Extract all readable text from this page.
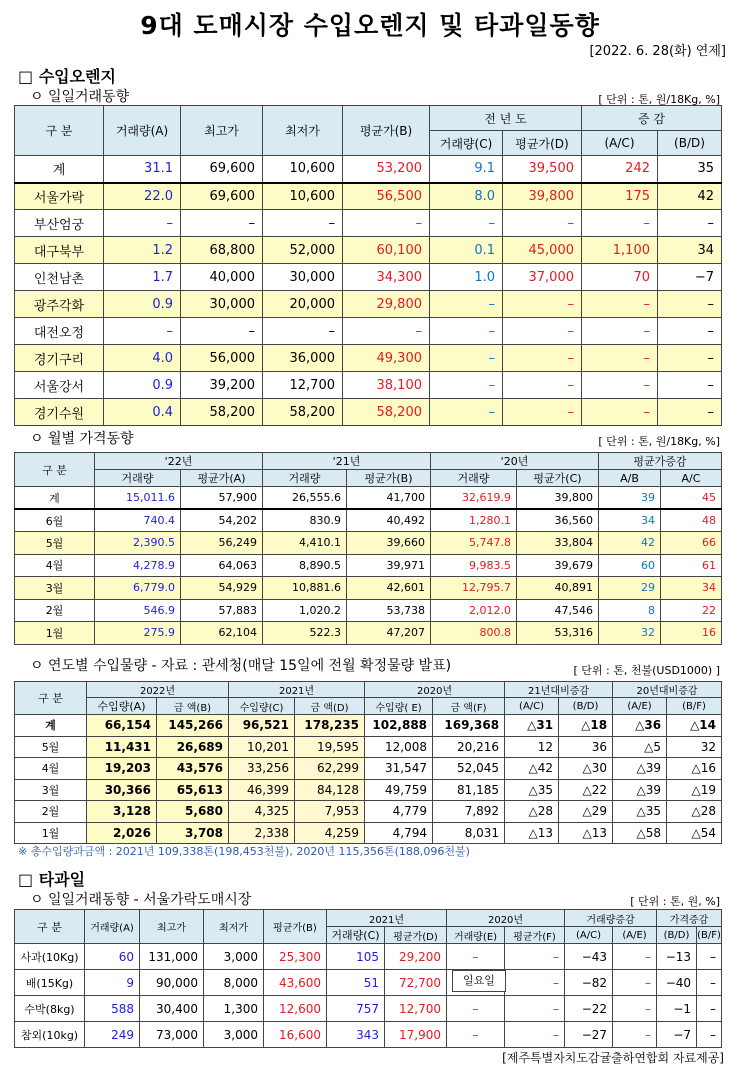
9대 도매시장 수입오렌지 및 타과일동향
[2022. 6. 28(화) 연제]
□ 수입오렌지
ㅇ 일일거래동향	[ 단위 : 톤, 원/18Kg, %]
구 분	거래량(A)	최고가	최저가	평균가(B)	전 년 도		증 감	
					거래량(C)	평균가(D)	(A/C)	(B/D)
계	31.1	69,600	10,600	53,200	9.1	39,500	242	35
서울가락	22.0	69,600	10,600	56,500	8.0	39,800	175	42
부산엄궁	–	–	–	–	–	–	–	–
대구북부	1.2	68,800	52,000	60,100	0.1	45,000	1,100	34
인천남촌	1.7	40,000	30,000	34,300	1.0	37,000	70	−7
광주각화	0.9	30,000	20,000	29,800	–	–	–	–
대전오정	–	–	–	–	–	–	–	–
경기구리	4.0	56,000	36,000	49,300	–	–	–	–
서울강서	0.9	39,200	12,700	38,100	–	–	–	–
경기수원	0.4	58,200	58,200	58,200	–	–	–	–
ㅇ 월별 가격동향	[ 단위 : 톤, 원/18Kg, %]
구 분	'22년		'21년		'20년		평균가증감	
	거래량	평균가(A)	거래량	평균가(B)	거래량	평균가(C)	A/B	A/C
계	15,011.6	57,900	26,555.6	41,700	32,619.9	39,800	39	45
6월	740.4	54,202	830.9	40,492	1,280.1	36,560	34	48
5월	2,390.5	56,249	4,410.1	39,660	5,747.8	33,804	42	66
4월	4,278.9	64,063	8,890.5	39,971	9,983.5	39,679	60	61
3월	6,779.0	54,929	10,881.6	42,601	12,795.7	40,891	29	34
2월	546.9	57,883	1,020.2	53,738	2,012.0	47,546	8	22
1월	275.9	62,104	522.3	47,207	800.8	53,316	32	16
ㅇ 연도별 수입물량 - 자료 : 관세청(매달 15일에 전월 확정물량 발표)	[ 단위 : 톤, 천불(USD1000) ]
구 분	2022년		2021년		2020년		21년대비증감		20년대비증감	
	수입량(A)	금 액(B)	수입량(C)	금 액(D)	수입량( E)	금 액(F)	(A/C)	(B/D)	(A/E)	(B/F)
계	66,154	145,266	96,521	178,235	102,888	169,368	△31	△18	△36	△14
5월	11,431	26,689	10,201	19,595	12,008	20,216	12	36	△5	32
4월	19,203	43,576	33,256	62,299	31,547	52,045	△42	△30	△39	△16
3월	30,366	65,613	46,399	84,128	49,759	81,185	△35	△22	△39	△19
2월	3,128	5,680	4,325	7,953	4,779	7,892	△28	△29	△35	△28
1월	2,026	3,708	2,338	4,259	4,794	8,031	△13	△13	△58	△54
※ 총수입량과금액 : 2021년 109,338톤(198,453천불), 2020년 115,356톤(188,096천불)
□ 타과일
ㅇ 일일거래동향 - 서울가락도매시장	[ 단위 : 톤, 원, %]
구 분	거래량(A)	최고가	최저가	평균가(B)	2021년		2020년		거래량증감		가격증감	
					거래량(C)	평균가(D)	거래량(E)	평균가(F)	(A/C)	(A/E)	(B/D)	(B/F)
사과(10Kg)	60	131,000	3,000	25,300	105	29,200	–	–	−43	–	−13	–
배(15Kg)	9	90,000	8,000	43,600	51	72,700		–	−82	–	−40	–
수박(8kg)	588	30,400	1,300	12,600	757	12,700	–	–	−22	–	−1	–
참외(10kg)	249	73,000	3,000	16,600	343	17,900	–	–	−27	–	−7	–
일요일
[제주특별자치도감귤출하연합회 자료제공]
